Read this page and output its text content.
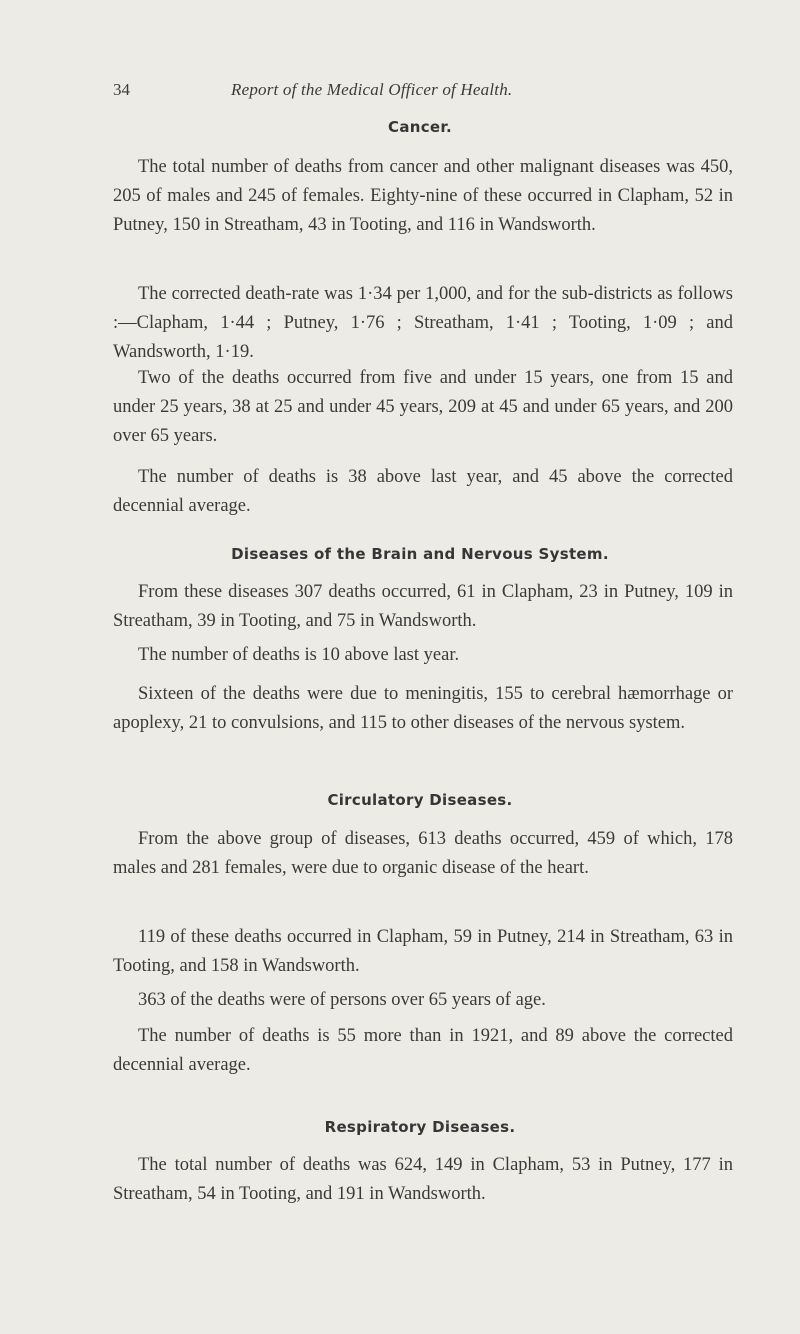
34	Report of the Medical Officer of Health.
Cancer.

The total number of deaths from cancer and other malignant diseases was 450, 205 of males and 245 of females. Eighty-nine of these occurred in Clapham, 52 in Putney, 150 in Streatham, 43 in Tooting, and 116 in Wandsworth.

The corrected death-rate was 1·34 per 1,000, and for the sub-districts as follows :—Clapham, 1·44 ; Putney, 1·76 ; Streatham, 1·41 ; Tooting, 1·09 ; and Wandsworth, 1·19.

Two of the deaths occurred from five and under 15 years, one from 15 and under 25 years, 38 at 25 and under 45 years, 209 at 45 and under 65 years, and 200 over 65 years.

The number of deaths is 38 above last year, and 45 above the corrected decennial average.

Diseases of the Brain and Nervous System.

From these diseases 307 deaths occurred, 61 in Clapham, 23 in Putney, 109 in Streatham, 39 in Tooting, and 75 in Wandsworth.

The number of deaths is 10 above last year.

Sixteen of the deaths were due to meningitis, 155 to cerebral hæmorrhage or apoplexy, 21 to convulsions, and 115 to other diseases of the nervous system.

Circulatory Diseases.

From the above group of diseases, 613 deaths occurred, 459 of which, 178 males and 281 females, were due to organic disease of the heart.

119 of these deaths occurred in Clapham, 59 in Putney, 214 in Streatham, 63 in Tooting, and 158 in Wandsworth.

363 of the deaths were of persons over 65 years of age.

The number of deaths is 55 more than in 1921, and 89 above the corrected decennial average.

Respiratory Diseases.

The total number of deaths was 624, 149 in Clapham, 53 in Putney, 177 in Streatham, 54 in Tooting, and 191 in Wandsworth.
